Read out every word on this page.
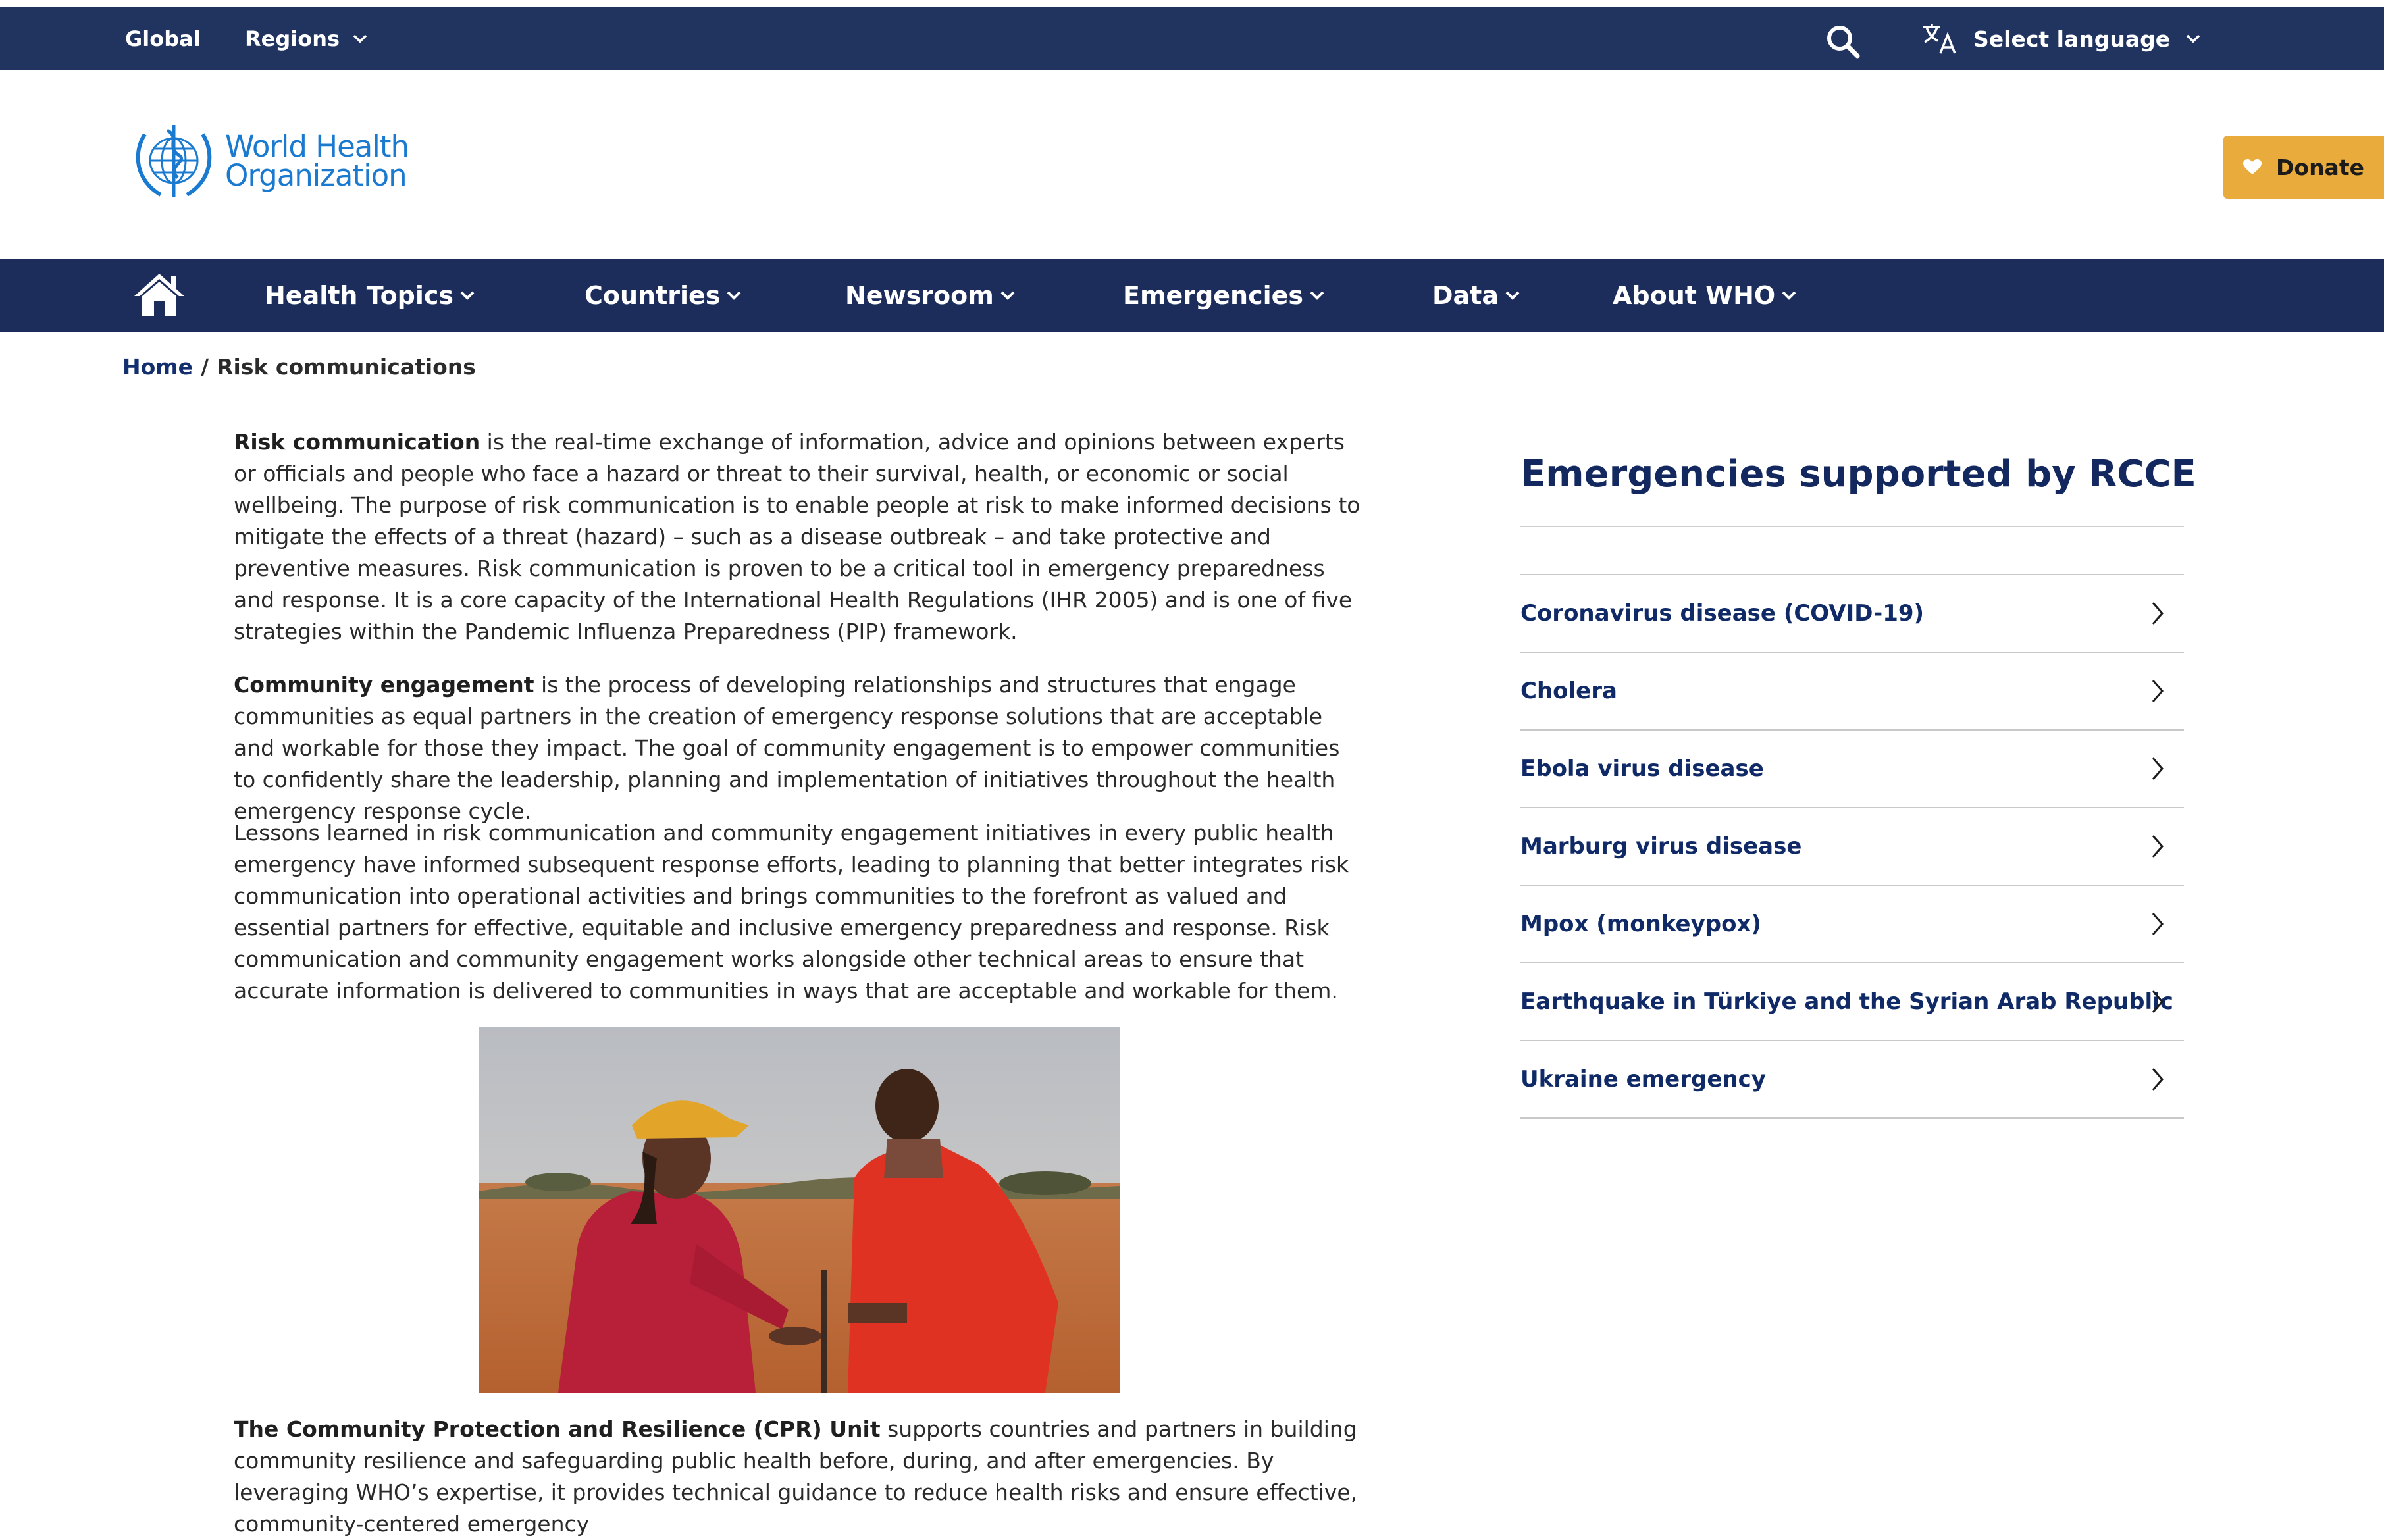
Global Regions	Select language
World Health
Organization	Donate
Health Topics	Countries	Newsroom	Emergencies	Data	About WHO
Home / Risk communications

Risk communication is the real-time exchange of information, advice and opinions between experts or officials and people who face a hazard or threat to their survival, health, or economic or social wellbeing. The purpose of risk communication is to enable people at risk to make informed decisions to mitigate the effects of a threat (hazard) – such as a disease outbreak – and take protective and preventive measures. Risk communication is proven to be a critical tool in emergency preparedness and response. It is a core capacity of the International Health Regulations (IHR 2005) and is one of five strategies within the Pandemic Influenza Preparedness (PIP) framework.

Community engagement is the process of developing relationships and structures that engage communities as equal partners in the creation of emergency response solutions that are acceptable and workable for those they impact. The goal of community engagement is to empower communities to confidently share the leadership, planning and implementation of initiatives throughout the health emergency response cycle.

Lessons learned in risk communication and community engagement initiatives in every public health emergency have informed subsequent response efforts, leading to planning that better integrates risk communication into operational activities and brings communities to the forefront as valued and essential partners for effective, equitable and inclusive emergency preparedness and response. Risk communication and community engagement works alongside other technical areas to ensure that accurate information is delivered to communities in ways that are acceptable and workable for them.

The Community Protection and Resilience (CPR) Unit supports countries and partners in building community resilience and safeguarding public health before, during, and after emergencies. By leveraging WHO’s expertise, it provides technical guidance to reduce health risks and ensure effective, community-centered emergency

Emergencies supported by RCCE
Coronavirus disease (COVID-19)
Cholera
Ebola virus disease
Marburg virus disease
Mpox (monkeypox)
Earthquake in Türkiye and the Syrian Arab Republic
Ukraine emergency
